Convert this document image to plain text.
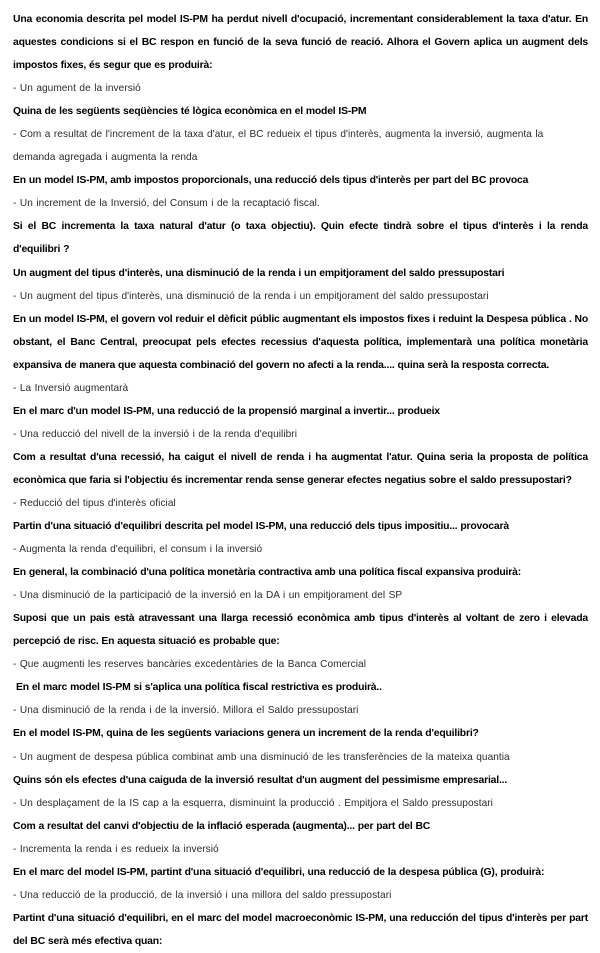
Una economia descrita pel model IS-PM ha perdut nivell d'ocupació, incrementant considerablement la taxa d'atur. En aquestes condicions si el BC respon en funció de la seva funció de reació. Alhora el Govern aplica un augment dels impostos fixes, és segur que es produirà:

- Un agument de la inversió

Quina de les següents seqüències té lògica econòmica en el model IS-PM

- Com a resultat de l'increment de la taxa d'atur, el BC redueix el tipus d'interès, augmenta la inversió, augmenta la demanda agregada i augmenta la renda

En un model IS-PM, amb impostos proporcionals, una reducció dels tipus d'interès per part del BC provoca

- Un increment de la Inversió, del Consum i de la recaptació fiscal.

Si el BC incrementa la taxa natural d'atur (o taxa objectiu). Quin efecte tindrà sobre el tipus d'interès i la renda d'equilibri ?

Un augment del tipus d'interès, una disminució de la renda i un empitjorament del saldo pressupostari

- Un augment del tipus d'interès, una disminució de la renda i un empitjorament del saldo pressupostari

En un model IS-PM, el govern vol reduir el dèficit públic augmentant els impostos fixes i reduint la Despesa pública . No obstant, el Banc Central, preocupat pels efectes recessius d'aquesta política, implementarà una política monetària expansiva de manera que aquesta combinació del govern no afecti a la renda.... quina serà la resposta correcta.

- La Inversió augmentarà

En el marc d'un model IS-PM, una reducció de la propensió marginal a invertir... produeix

- Una reducció del nivell de la inversió i de la renda d'equilibri

Com a resultat d'una recessió, ha caigut el nivell de renda i ha augmentat l'atur. Quina seria la proposta de política econòmica que faria si l'objectiu és incrementar renda sense generar efectes negatius sobre el saldo pressupostari?

- Reducció del tipus d'interès oficial

Partin d'una situació d'equilibri descrita pel model IS-PM, una reducció dels tipus impositiu... provocarà

- Augmenta la renda d'equilibri, el consum i la inversió

En general, la combinació d'una política monetària contractiva amb una política fiscal expansiva produirà:

- Una disminució de la participació de la inversió en la DA i un empitjorament del SP

Suposi que un pais està atravessant una llarga recessió econòmica amb tipus d'interès al voltant de zero i elevada percepció de risc. En aquesta situació es probable que:

- Que augmenti les reserves bancàries excedentàries de la Banca Comercial

En el marc model IS-PM si s'aplica una política fiscal restrictiva es produirà..

- Una disminució de la renda i de la inversió. Millora el Saldo pressupostari

En el model IS-PM, quina de les següents variacions genera un increment de la renda d'equilibri?

- Un augment de despesa pública combinat amb una disminució de les transferències de la mateixa quantia

Quins són els efectes d'una caiguda de la inversió resultat d'un augment del pessimisme empresarial...

- Un desplaçament de la IS cap a la esquerra, disminuint la producció . Empitjora el Saldo pressupostari

Com a resultat del canvi d'objectiu de la inflació esperada (augmenta)... per part del BC

- Incrementa la renda i es redueix la inversió

En el marc del model IS-PM, partint d'una situació d'equilibri, una reducció de la despesa pública (G), produirà:

- Una reducció de la producció, de la inversió i una millora del saldo pressupostari

Partint d'una situació d'equilibri, en el marc del model macroeconòmic IS-PM, una reducción del tipus d'interès per part del BC serà més efectiva quan:
